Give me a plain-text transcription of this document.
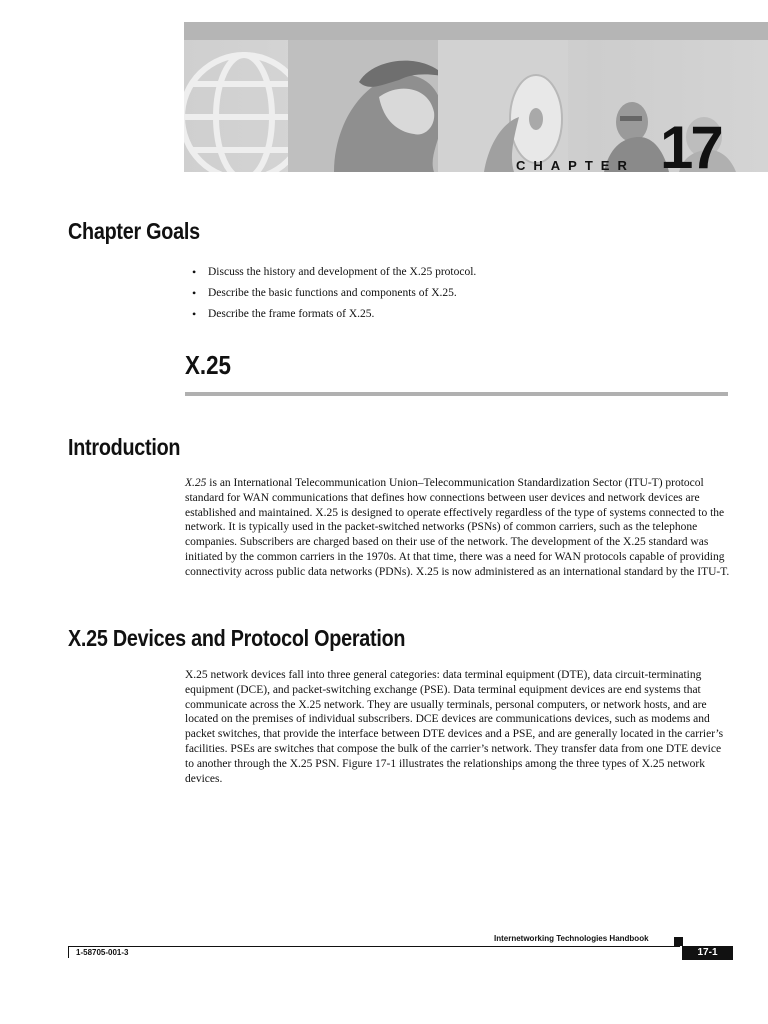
CHAPTER 17
Chapter Goals
• Discuss the history and development of the X.25 protocol.
• Describe the basic functions and components of X.25.
• Describe the frame formats of X.25.
X.25
Introduction

X.25 is an International Telecommunication Union–Telecommunication Standardization Sector (ITU-T) protocol standard for WAN communications that defines how connections between user devices and network devices are established and maintained. X.25 is designed to operate effectively regardless of the type of systems connected to the network. It is typically used in the packet-switched networks (PSNs) of common carriers, such as the telephone companies. Subscribers are charged based on their use of the network. The development of the X.25 standard was initiated by the common carriers in the 1970s. At that time, there was a need for WAN protocols capable of providing connectivity across public data networks (PDNs). X.25 is now administered as an international standard by the ITU-T.

X.25 Devices and Protocol Operation

X.25 network devices fall into three general categories: data terminal equipment (DTE), data circuit-terminating equipment (DCE), and packet-switching exchange (PSE). Data terminal equipment devices are end systems that communicate across the X.25 network. They are usually terminals, personal computers, or network hosts, and are located on the premises of individual subscribers. DCE devices are communications devices, such as modems and packet switches, that provide the interface between DTE devices and a PSE, and are generally located in the carrier’s facilities. PSEs are switches that compose the bulk of the carrier’s network. They transfer data from one DTE device to another through the X.25 PSN. Figure 17-1 illustrates the relationships among the three types of X.25 network devices.

Internetworking Technologies Handbook
1-58705-001-3	17-1
